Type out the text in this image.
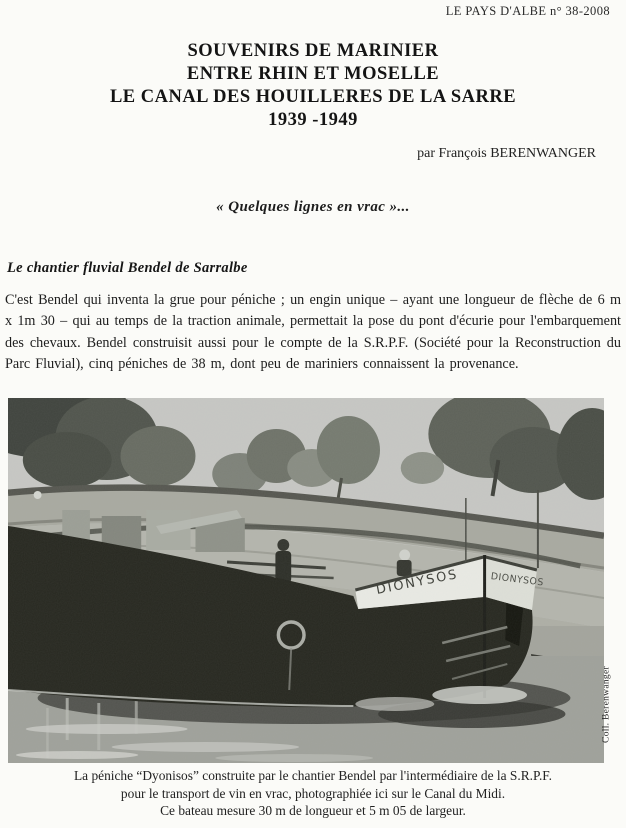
LE PAYS D'ALBE n° 38-2008
SOUVENIRS DE MARINIER
ENTRE RHIN ET MOSELLE
LE CANAL DES HOUILLERES DE LA SARRE
1939 -1949
par François BERENWANGER
« Quelques lignes en vrac »...
Le chantier fluvial Bendel de Sarralbe
C'est Bendel qui inventa la grue pour péniche ; un engin unique – ayant une longueur de flèche de 6 m x 1m 30 – qui au temps de la traction animale, permettait la pose du pont d'écurie pour l'embarquement des chevaux. Bendel construisit aussi pour le compte de la S.R.P.F. (Société pour la Reconstruction du Parc Fluvial), cinq péniches de 38 m, dont peu de mariniers connaissent la provenance.
Coll. Berenwanger
La péniche “Dyonisos” construite par le chantier Bendel par l'intermédiaire de la S.R.P.F.
pour le transport de vin en vrac, photographiée ici sur le Canal du Midi.
Ce bateau mesure 30 m de longueur et 5 m 05 de largeur.
